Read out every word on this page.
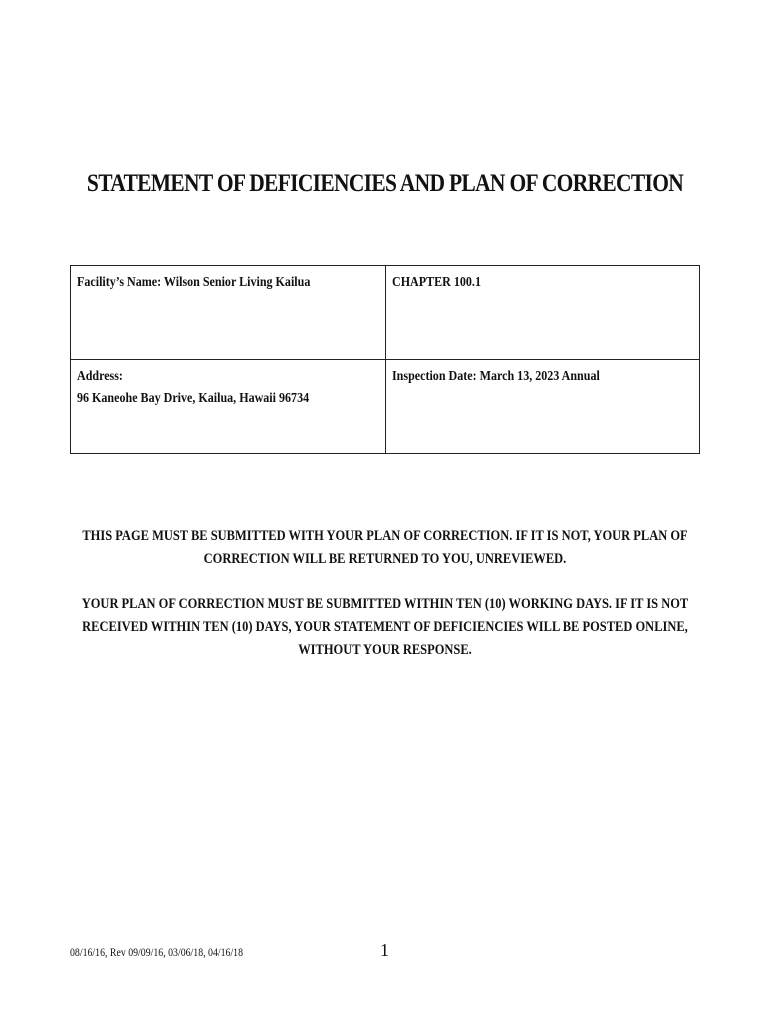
STATEMENT OF DEFICIENCIES AND PLAN OF CORRECTION
Facility’s Name: Wilson Senior Living Kailua	CHAPTER 100.1

Address:
96 Kaneohe Bay Drive, Kailua, Hawaii 96734	Inspection Date: March 13, 2023 Annual
THIS PAGE MUST BE SUBMITTED WITH YOUR PLAN OF CORRECTION. IF IT IS NOT, YOUR PLAN OF CORRECTION WILL BE RETURNED TO YOU, UNREVIEWED.
YOUR PLAN OF CORRECTION MUST BE SUBMITTED WITHIN TEN (10) WORKING DAYS. IF IT IS NOT RECEIVED WITHIN TEN (10) DAYS, YOUR STATEMENT OF DEFICIENCIES WILL BE POSTED ONLINE, WITHOUT YOUR RESPONSE.
08/16/16, Rev 09/09/16, 03/06/18, 04/16/18	1
